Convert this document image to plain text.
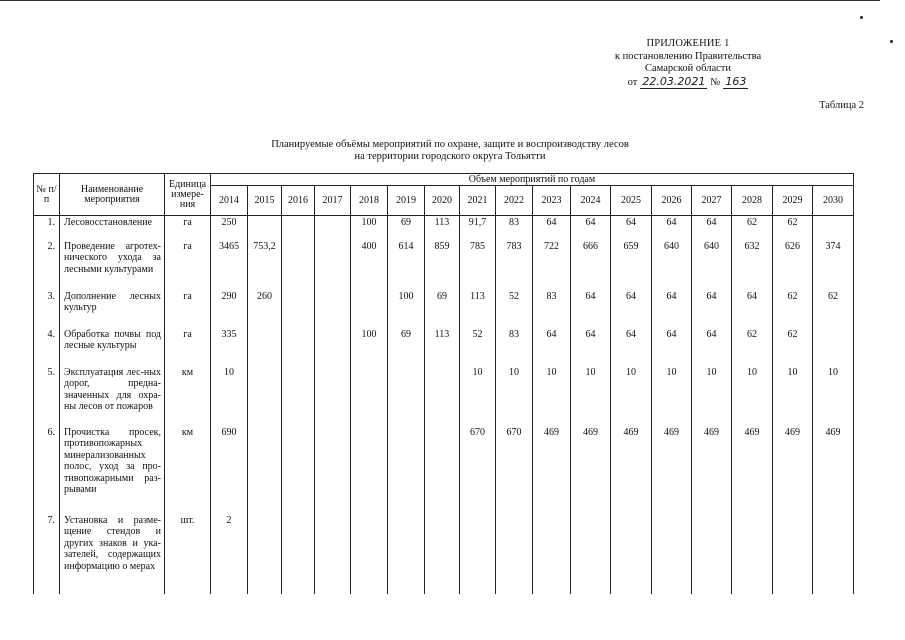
ПРИЛОЖЕНИЕ 1
к постановлению Правительства
Самарской области
от 22.03.2021 № 163
Таблица 2
Планируемые объёмы мероприятий по охране, защите и воспроизводству лесов
на территории городского округа Тольятти
№ п/п	Наименование мероприятия	Единица измере-ния	Объем мероприятий по годам																
			2014	2015	2016	2017	2018	2019	2020	2021	2022	2023	2024	2025	2026	2027	2028	2029	2030
1.	Лесовосстановление	га	250				100	69	113	91,7	83	64	64	64	64	64	62	62	
2.	Проведение агротех-нического ухода за лесными культурами	га	3465	753,2			400	614	859	785	783	722	666	659	640	640	632	626	374
3.	Дополнение лесных культур	га	290	260				100	69	113	52	83	64	64	64	64	64	62	62
4.	Обработка почвы под лесные культуры	га	335				100	69	113	52	83	64	64	64	64	64	62	62	
5.	Эксплуатация лес-ных дорог, предна-значенных для охра-ны лесов от пожаров	км	10							10	10	10	10	10	10	10	10	10	10
6.	Прочистка просек, противопожарных минерализованных полос, уход за про-тивопожарными раз-рывами	км	690							670	670	469	469	469	469	469	469	469	469
7.	Установка и разме-щение стендов и других знаков и ука-зателей, содержащих информацию о мерах	шт.	2																
